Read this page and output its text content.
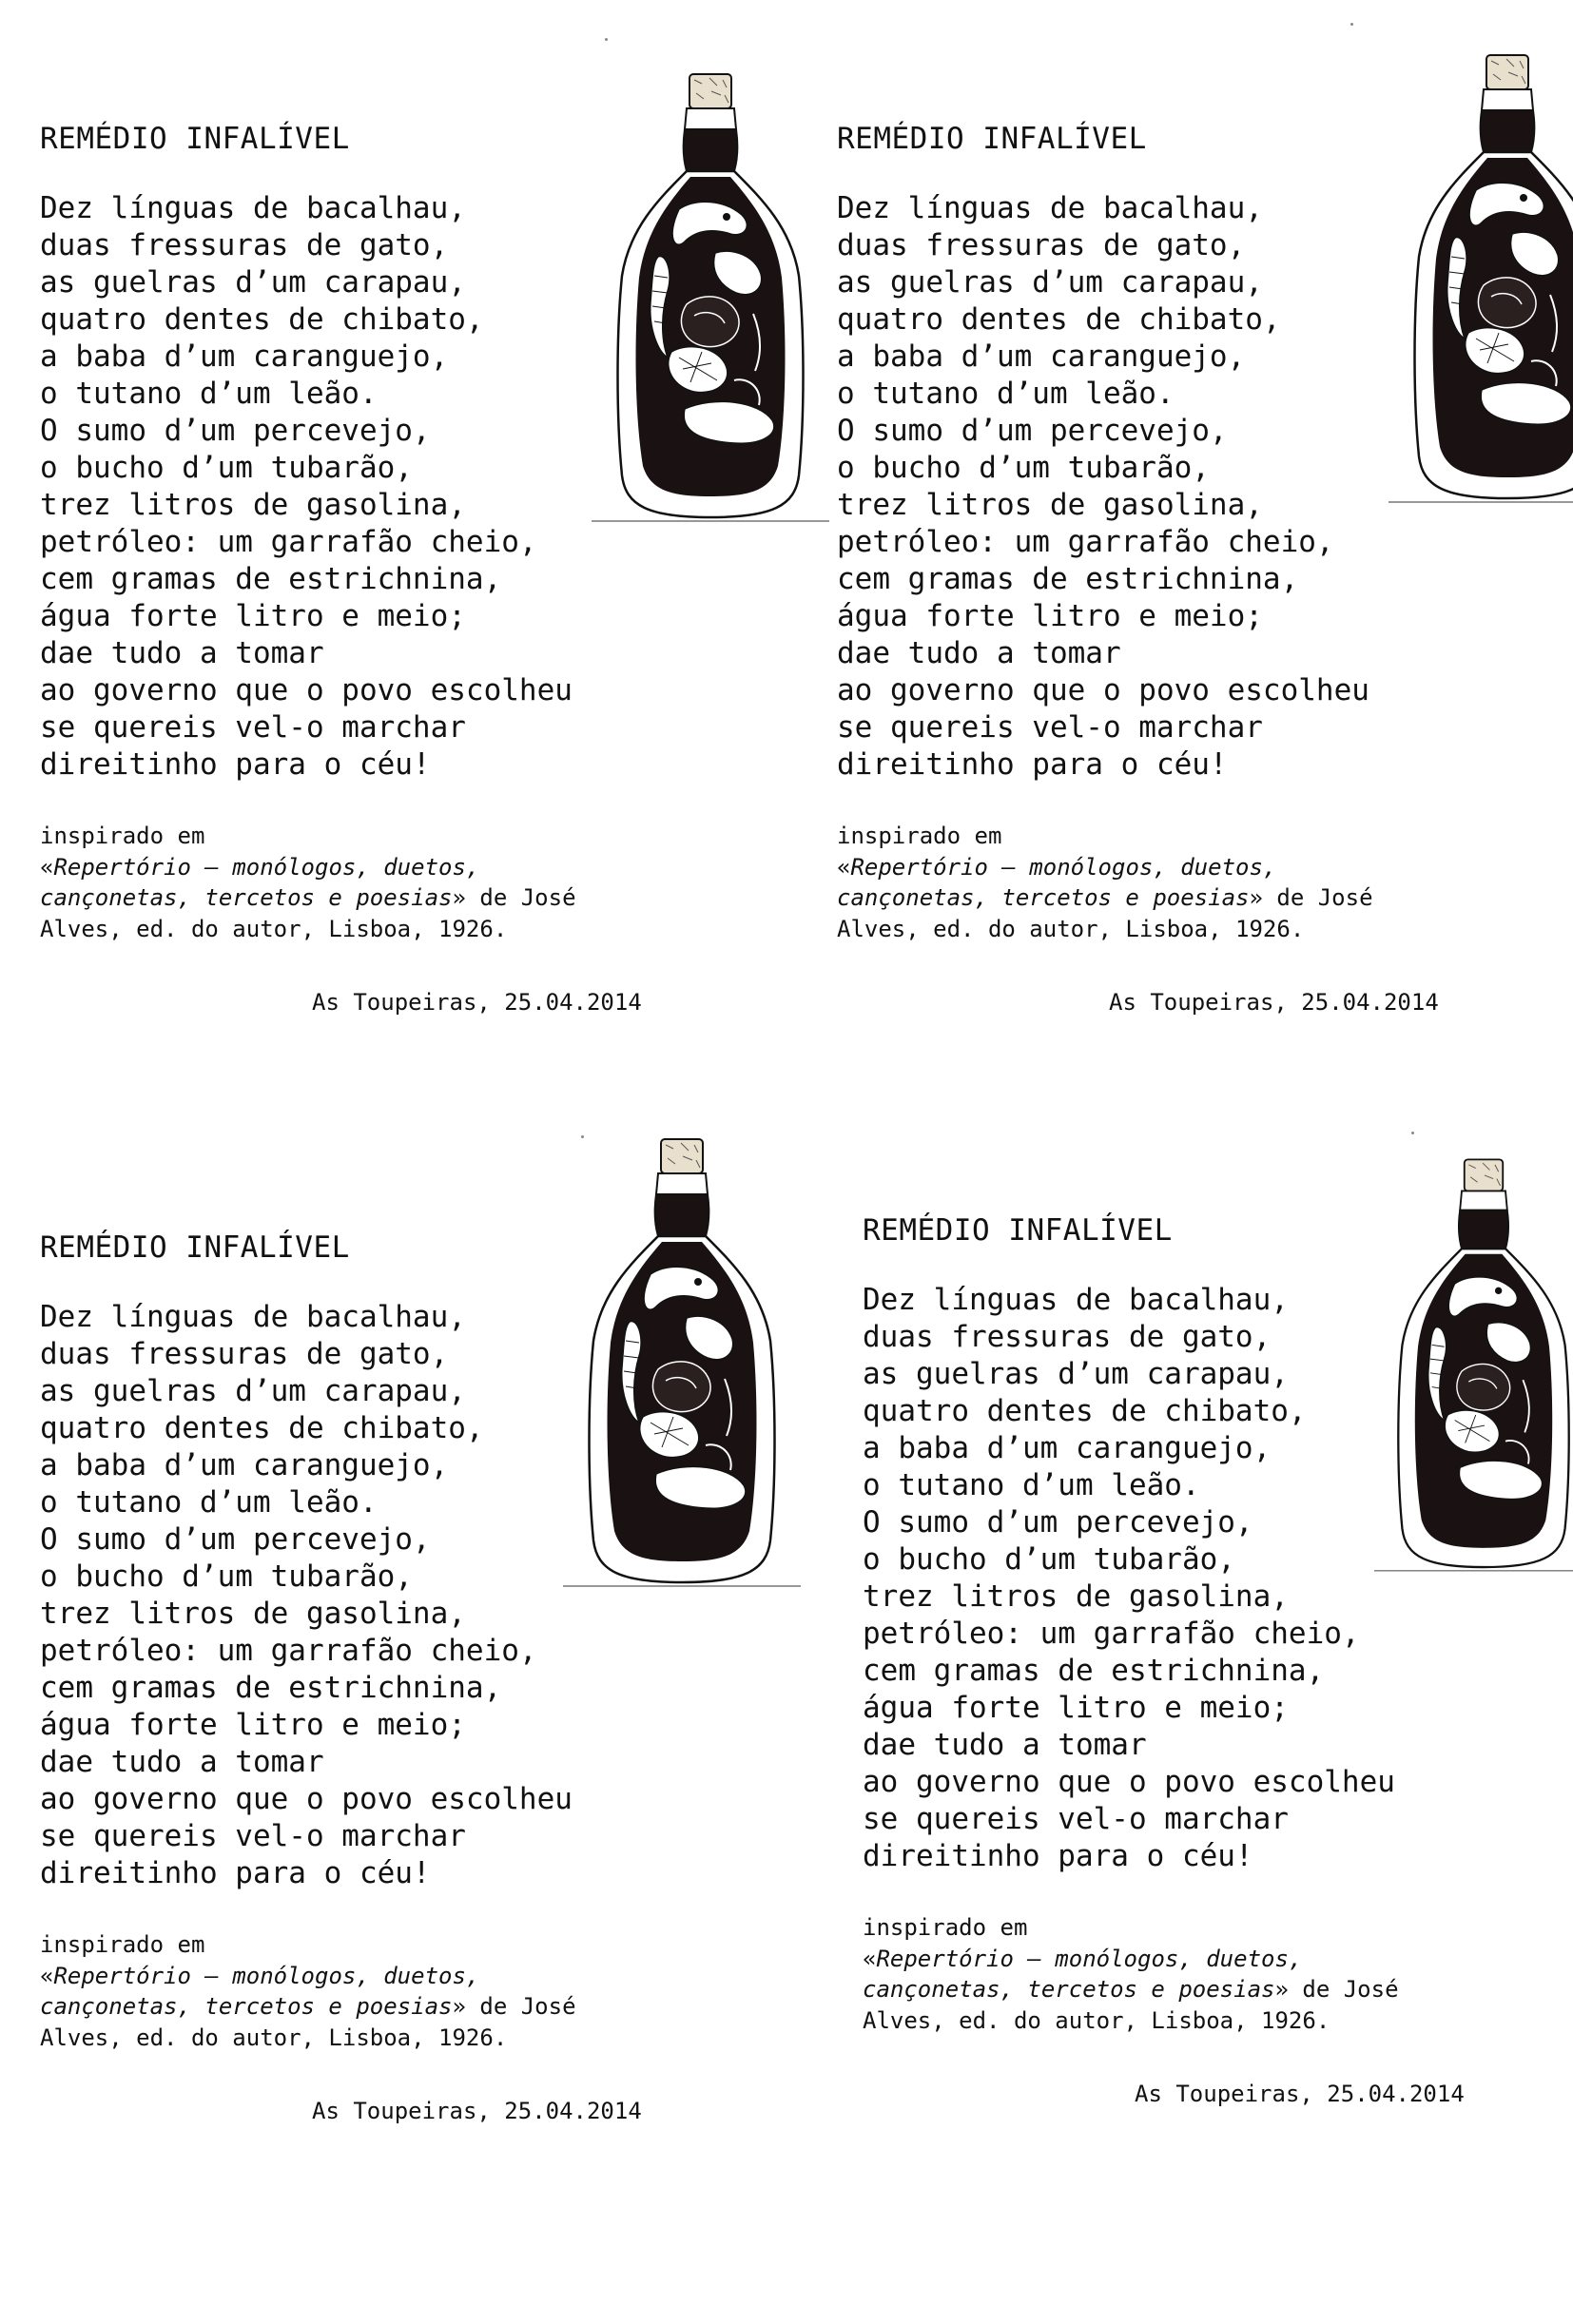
REMÉDIO INFALÍVEL
Dez línguas de bacalhau,
duas fressuras de gato,
as guelras d’um carapau,
quatro dentes de chibato,
a baba d’um caranguejo,
o tutano d’um leão.
O sumo d’um percevejo,
o bucho d’um tubarão,
trez litros de gasolina,
petróleo: um garrafão cheio,
cem gramas de estrichnina,
água forte litro e meio;
dae tudo a tomar
ao governo que o povo escolheu
se quereis vel-o marchar
direitinho para o céu!
inspirado em
«Repertório – monólogos, duetos,
cançonetas, tercetos e poesias» de José
Alves, ed. do autor, Lisboa, 1926.
As Toupeiras, 25.04.2014
REMÉDIO INFALÍVEL
Dez línguas de bacalhau,
duas fressuras de gato,
as guelras d’um carapau,
quatro dentes de chibato,
a baba d’um caranguejo,
o tutano d’um leão.
O sumo d’um percevejo,
o bucho d’um tubarão,
trez litros de gasolina,
petróleo: um garrafão cheio,
cem gramas de estrichnina,
água forte litro e meio;
dae tudo a tomar
ao governo que o povo escolheu
se quereis vel-o marchar
direitinho para o céu!
inspirado em
«Repertório – monólogos, duetos,
cançonetas, tercetos e poesias» de José
Alves, ed. do autor, Lisboa, 1926.
As Toupeiras, 25.04.2014
REMÉDIO INFALÍVEL
Dez línguas de bacalhau,
duas fressuras de gato,
as guelras d’um carapau,
quatro dentes de chibato,
a baba d’um caranguejo,
o tutano d’um leão.
O sumo d’um percevejo,
o bucho d’um tubarão,
trez litros de gasolina,
petróleo: um garrafão cheio,
cem gramas de estrichnina,
água forte litro e meio;
dae tudo a tomar
ao governo que o povo escolheu
se quereis vel-o marchar
direitinho para o céu!
inspirado em
«Repertório – monólogos, duetos,
cançonetas, tercetos e poesias» de José
Alves, ed. do autor, Lisboa, 1926.
As Toupeiras, 25.04.2014
REMÉDIO INFALÍVEL
Dez línguas de bacalhau,
duas fressuras de gato,
as guelras d’um carapau,
quatro dentes de chibato,
a baba d’um caranguejo,
o tutano d’um leão.
O sumo d’um percevejo,
o bucho d’um tubarão,
trez litros de gasolina,
petróleo: um garrafão cheio,
cem gramas de estrichnina,
água forte litro e meio;
dae tudo a tomar
ao governo que o povo escolheu
se quereis vel-o marchar
direitinho para o céu!
inspirado em
«Repertório – monólogos, duetos,
cançonetas, tercetos e poesias» de José
Alves, ed. do autor, Lisboa, 1926.
As Toupeiras, 25.04.2014
